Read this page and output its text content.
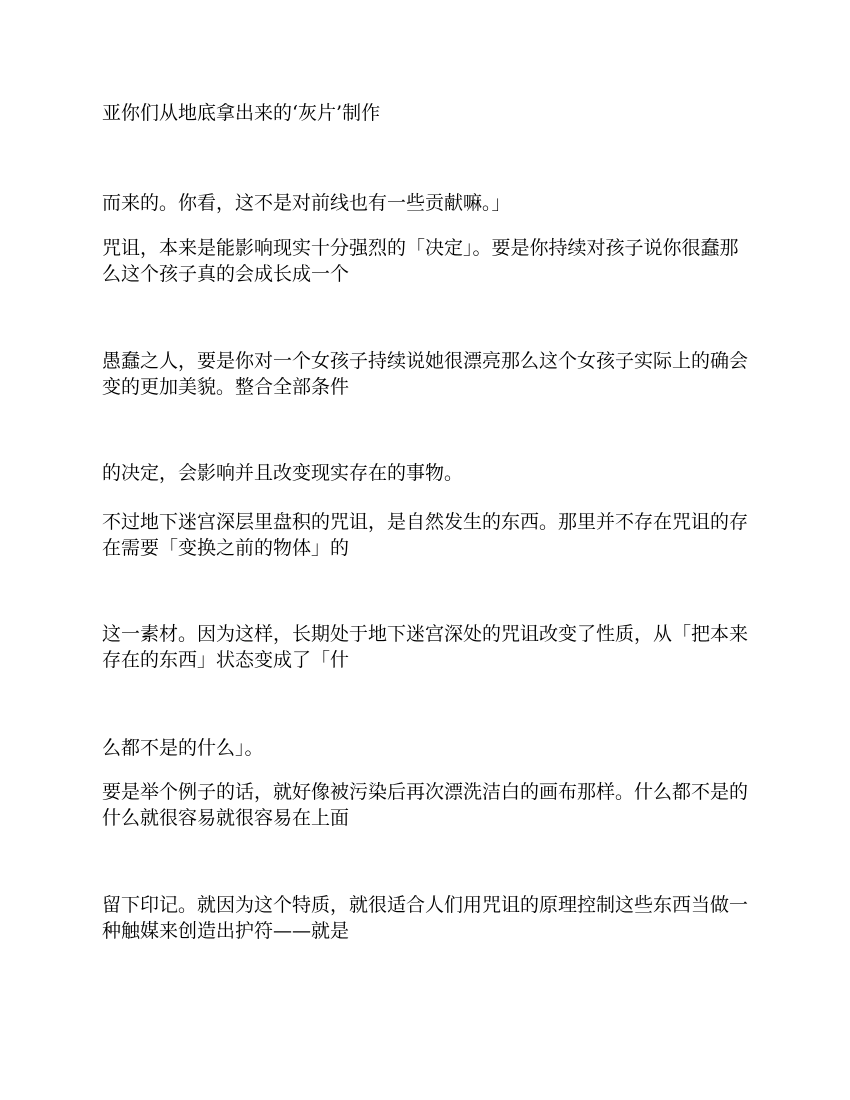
亚你们从地底拿出来的‘灰片’制作

而来的。你看，这不是对前线也有一些贡献嘛。」

咒诅，本来是能影响现实十分强烈的「决定」。要是你持续对孩子说你很蠢那么这个孩子真的会成长成一个

愚蠢之人，要是你对一个女孩子持续说她很漂亮那么这个女孩子实际上的确会变的更加美貌。整合全部条件

的决定，会影响并且改变现实存在的事物。

不过地下迷宫深层里盘积的咒诅，是自然发生的东西。那里并不存在咒诅的存在需要「变换之前的物体」的

这一素材。因为这样，长期处于地下迷宫深处的咒诅改变了性质，从「把本来存在的东西」状态变成了「什

么都不是的什么」。

要是举个例子的话，就好像被污染后再次漂洗洁白的画布那样。什么都不是的什么就很容易就很容易在上面

留下印记。就因为这个特质，就很适合人们用咒诅的原理控制这些东西当做一种触媒来创造出护符——就是
